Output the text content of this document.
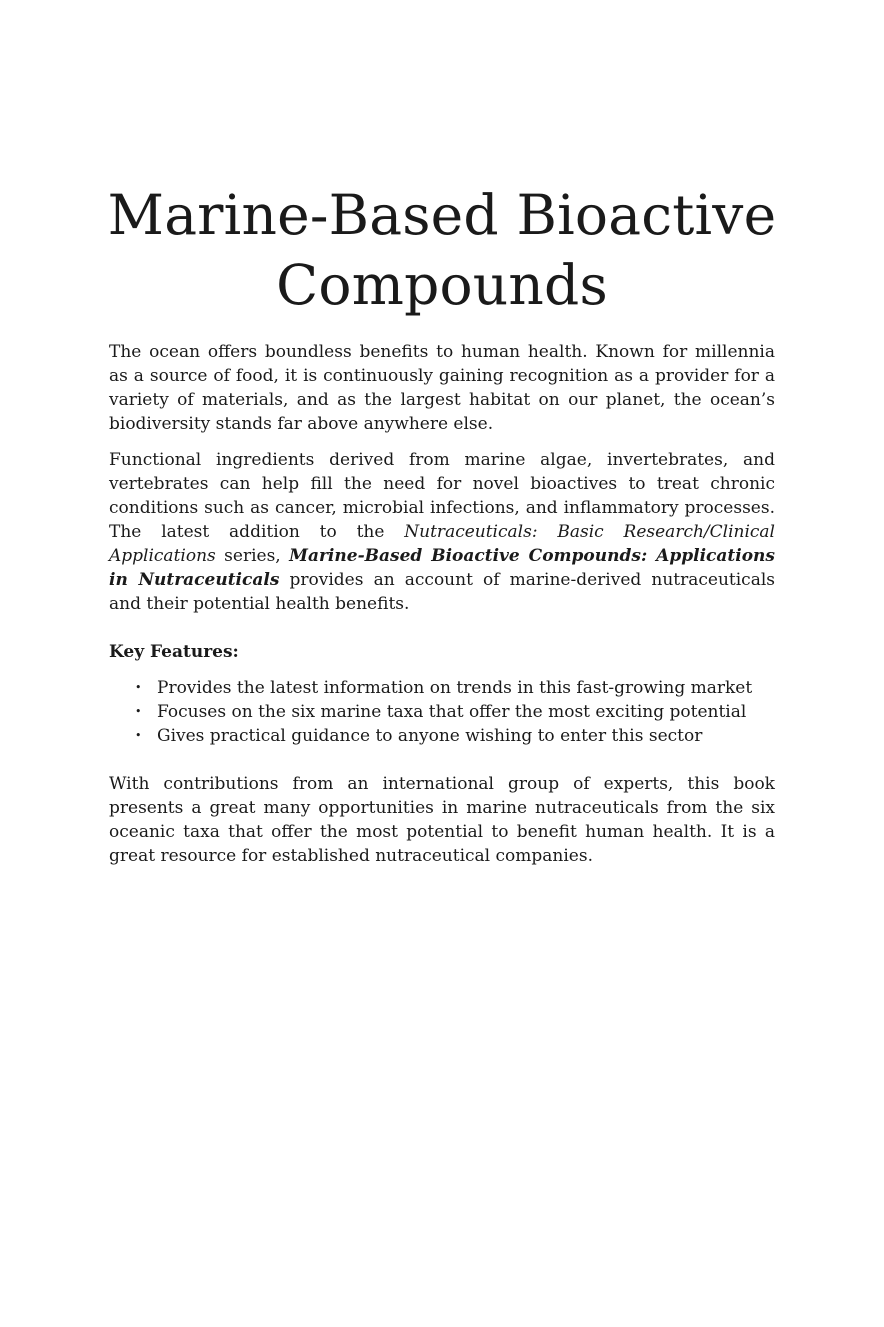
Marine-Based Bioactive
Compounds

The ocean offers boundless benefits to human health. Known for millennia as a source of food, it is continuously gaining recognition as a provider for a variety of materials, and as the largest habitat on our planet, the ocean’s biodiversity stands far above anywhere else.

Functional ingredients derived from marine algae, invertebrates, and vertebrates can help fill the need for novel bioactives to treat chronic conditions such as cancer, microbial infections, and inflammatory processes. The latest addition to the Nutraceuticals: Basic Research/Clinical Applications series, Marine-Based Bioactive Compounds: Applications in Nutraceuticals provides an account of marine-derived nutraceuticals and their potential health benefits.

Key Features:

• Provides the latest information on trends in this fast-growing market
• Focuses on the six marine taxa that offer the most exciting potential
• Gives practical guidance to anyone wishing to enter this sector

With contributions from an international group of experts, this book presents a great many opportunities in marine nutraceuticals from the six oceanic taxa that offer the most potential to benefit human health. It is a great resource for established nutraceutical companies.
